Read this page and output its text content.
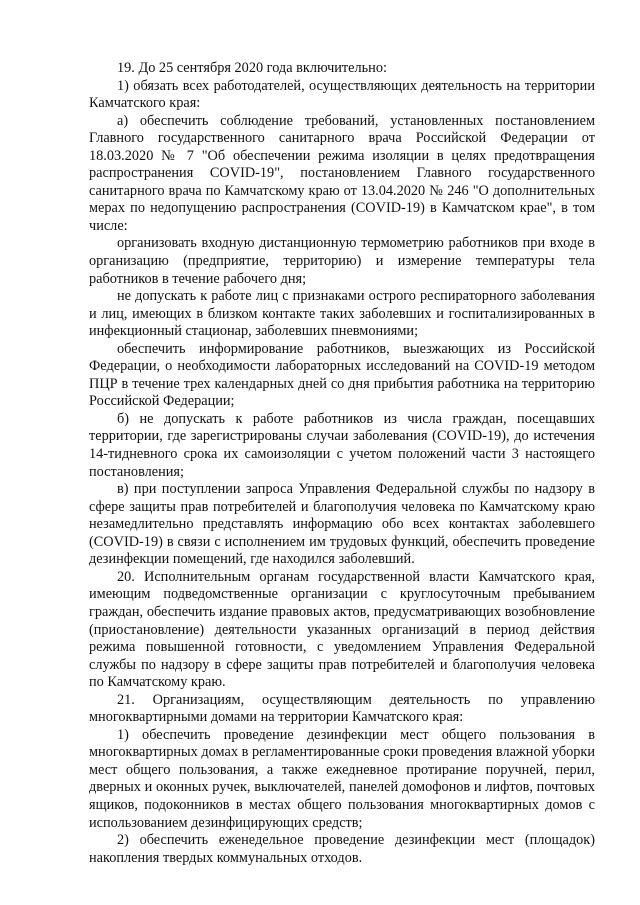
19. До 25 сентября 2020 года включительно:

1) обязать всех работодателей, осуществляющих деятельность на территории Камчатского края:

а) обеспечить соблюдение требований, установленных постановлением Главного государственного санитарного врача Российской Федерации от 18.03.2020 № 7 "Об обеспечении режима изоляции в целях предотвращения распространения COVID-19", постановлением Главного государственного санитарного врача по Камчатскому краю от 13.04.2020 № 246 "О дополнительных мерах по недопущению распространения (COVID-19) в Камчатском крае", в том числе:

организовать входную дистанционную термометрию работников при входе в организацию (предприятие, территорию) и измерение температуры тела работников в течение рабочего дня;

не допускать к работе лиц с признаками острого респираторного заболевания и лиц, имеющих в близком контакте таких заболевших и госпитализированных в инфекционный стационар, заболевших пневмониями;

обеспечить информирование работников, выезжающих из Российской Федерации, о необходимости лабораторных исследований на COVID-19 методом ПЦР в течение трех календарных дней со дня прибытия работника на территорию Российской Федерации;

б) не допускать к работе работников из числа граждан, посещавших территории, где зарегистрированы случаи заболевания (COVID-19), до истечения 14-тидневного срока их самоизоляции с учетом положений части 3 настоящего постановления;

в) при поступлении запроса Управления Федеральной службы по надзору в сфере защиты прав потребителей и благополучия человека по Камчатскому краю незамедлительно представлять информацию обо всех контактах заболевшего (COVID-19) в связи с исполнением им трудовых функций, обеспечить проведение дезинфекции помещений, где находился заболевший.

20. Исполнительным органам государственной власти Камчатского края, имеющим подведомственные организации с круглосуточным пребыванием граждан, обеспечить издание правовых актов, предусматривающих возобновление (приостановление) деятельности указанных организаций в период действия режима повышенной готовности, с уведомлением Управления Федеральной службы по надзору в сфере защиты прав потребителей и благополучия человека по Камчатскому краю.

21. Организациям, осуществляющим деятельность по управлению многоквартирными домами на территории Камчатского края:

1) обеспечить проведение дезинфекции мест общего пользования в многоквартирных домах в регламентированные сроки проведения влажной уборки мест общего пользования, а также ежедневное протирание поручней, перил, дверных и оконных ручек, выключателей, панелей домофонов и лифтов, почтовых ящиков, подоконников в местах общего пользования многоквартирных домов с использованием дезинфицирующих средств;

2) обеспечить еженедельное проведение дезинфекции мест (площадок) накопления твердых коммунальных отходов.
